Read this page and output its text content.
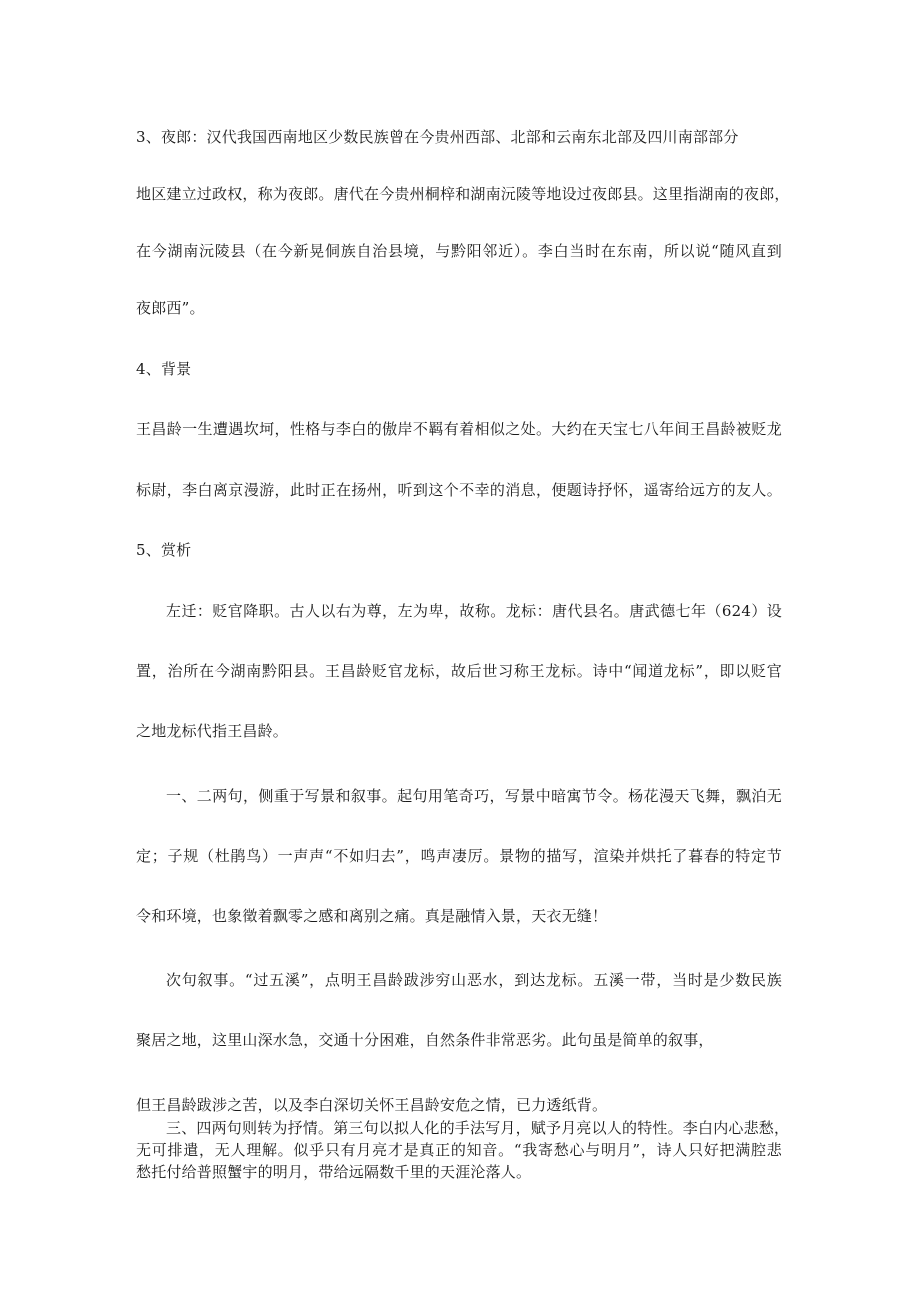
3、夜郎：汉代我国西南地区少数民族曾在今贵州西部、北部和云南东北部及四川南部部分
地区建立过政权，称为夜郎。唐代在今贵州桐梓和湖南沅陵等地设过夜郎县。这里指湖南的夜郎，
在今湖南沅陵县（在今新晃侗族自治县境，与黔阳邻近）。李白当时在东南，所以说“随风直到
夜郎西”。
4、背景
王昌龄一生遭遇坎坷，性格与李白的傲岸不羁有着相似之处。大约在天宝七八年间王昌龄被贬龙
标尉，李白离京漫游，此时正在扬州，听到这个不幸的消息，便题诗抒怀，遥寄给远方的友人。
5、赏析
左迁：贬官降职。古人以右为尊，左为卑，故称。龙标：唐代县名。唐武德七年（624）设
置，治所在今湖南黔阳县。王昌龄贬官龙标，故后世习称王龙标。诗中“闻道龙标”，即以贬官
之地龙标代指王昌龄。
一、二两句，侧重于写景和叙事。起句用笔奇巧，写景中暗寓节令。杨花漫天飞舞，飘泊无
定；子规（杜鹃鸟）一声声“不如归去”，鸣声凄厉。景物的描写，渲染并烘托了暮春的特定节
令和环境，也象徵着飘零之感和离别之痛。真是融情入景，天衣无缝！
次句叙事。“过五溪”，点明王昌龄跋涉穷山恶水，到达龙标。五溪一带，当时是少数民族
聚居之地，这里山深水急，交通十分困难，自然条件非常恶劣。此句虽是简单的叙事，
但王昌龄跋涉之苦，以及李白深切关怀王昌龄安危之情，已力透纸背。
三、四两句则转为抒情。第三句以拟人化的手法写月，赋予月亮以人的特性。李白内心悲愁，
无可排遣，无人理解。似乎只有月亮才是真正的知音。“我寄愁心与明月”，诗人只好把满腔悲
愁托付给普照蟹宇的明月，带给远隔数千里的天涯沦落人。
